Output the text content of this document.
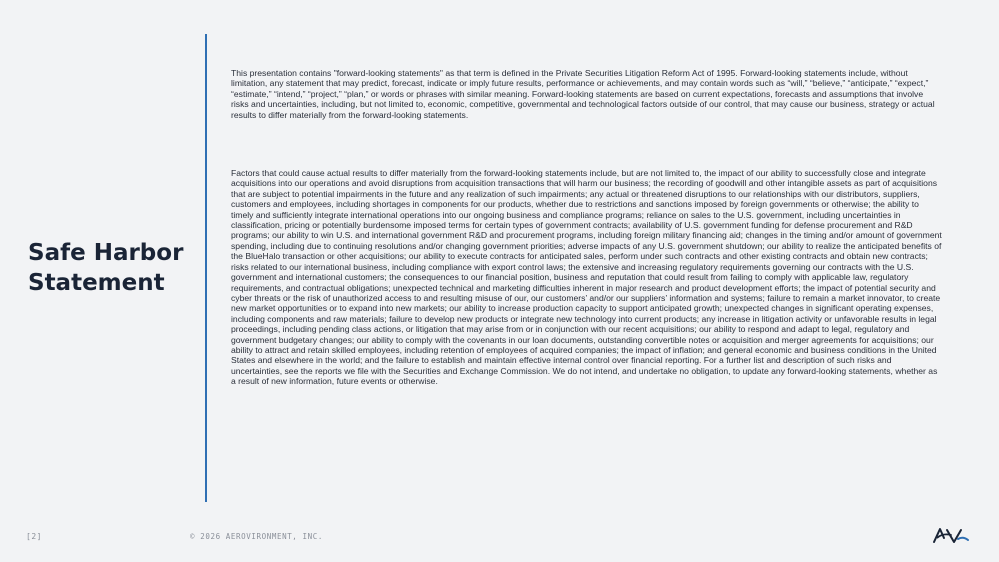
Safe Harbor Statement

This presentation contains "forward-looking statements" as that term is defined in the Private Securities Litigation Reform Act of 1995. Forward-looking statements include, without limitation, any statement that may predict, forecast, indicate or imply future results, performance or achievements, and may contain words such as “will,” “believe,” “anticipate,” “expect,” “estimate,” “intend,” “project,” “plan,” or words or phrases with similar meaning. Forward-looking statements are based on current expectations, forecasts and assumptions that involve risks and uncertainties, including, but not limited to, economic, competitive, governmental and technological factors outside of our control, that may cause our business, strategy or actual results to differ materially from the forward-looking statements.

Factors that could cause actual results to differ materially from the forward-looking statements include, but are not limited to, the impact of our ability to successfully close and integrate acquisitions into our operations and avoid disruptions from acquisition transactions that will harm our business; the recording of goodwill and other intangible assets as part of acquisitions that are subject to potential impairments in the future and any realization of such impairments; any actual or threatened disruptions to our relationships with our distributors, suppliers, customers and employees, including shortages in components for our products, whether due to restrictions and sanctions imposed by foreign governments or otherwise; the ability to timely and sufficiently integrate international operations into our ongoing business and compliance programs; reliance on sales to the U.S. government, including uncertainties in classification, pricing or potentially burdensome imposed terms for certain types of government contracts; availability of U.S. government funding for defense procurement and R&D programs; our ability to win U.S. and international government R&D and procurement programs, including foreign military financing aid; changes in the timing and/or amount of government spending, including due to continuing resolutions and/or changing government priorities; adverse impacts of any U.S. government shutdown; our ability to realize the anticipated benefits of the BlueHalo transaction or other acquisitions; our ability to execute contracts for anticipated sales, perform under such contracts and other existing contracts and obtain new contracts; risks related to our international business, including compliance with export control laws; the extensive and increasing regulatory requirements governing our contracts with the U.S. government and international customers; the consequences to our financial position, business and reputation that could result from failing to comply with applicable law, regulatory requirements, and contractual obligations; unexpected technical and marketing difficulties inherent in major research and product development efforts; the impact of potential security and cyber threats or the risk of unauthorized access to and resulting misuse of our, our customers’ and/or our suppliers’ information and systems; failure to remain a market innovator, to create new market opportunities or to expand into new markets; our ability to increase production capacity to support anticipated growth; unexpected changes in significant operating expenses, including components and raw materials; failure to develop new products or integrate new technology into current products; any increase in litigation activity or unfavorable results in legal proceedings, including pending class actions, or litigation that may arise from or in conjunction with our recent acquisitions; our ability to respond and adapt to legal, regulatory and government budgetary changes; our ability to comply with the covenants in our loan documents, outstanding convertible notes or acquisition and merger agreements for acquisitions; our ability to attract and retain skilled employees, including retention of employees of acquired companies; the impact of inflation; and general economic and business conditions in the United States and elsewhere in the world; and the failure to establish and maintain effective internal control over financial reporting. For a further list and description of such risks and uncertainties, see the reports we file with the Securities and Exchange Commission. We do not intend, and undertake no obligation, to update any forward-looking statements, whether as a result of new information, future events or otherwise.

[2]	© 2026 AEROVIRONMENT, INC.
